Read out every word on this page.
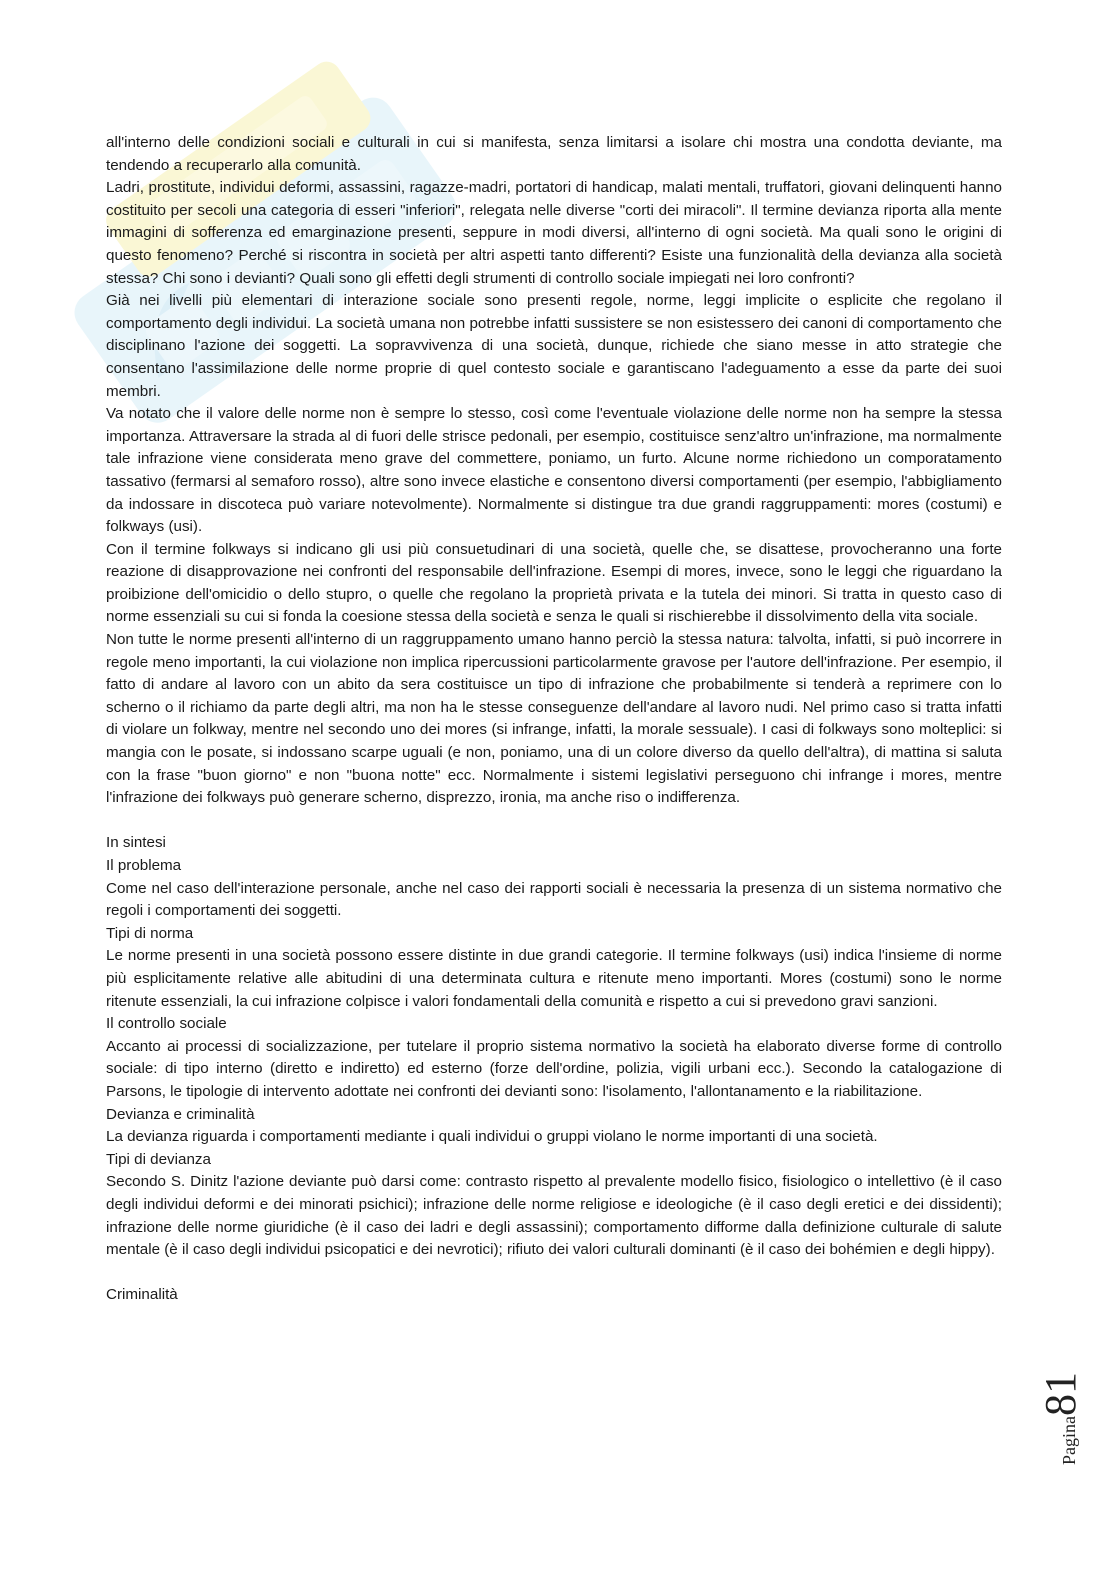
all'interno delle condizioni sociali e culturali in cui si manifesta, senza limitarsi a isolare chi mostra una condotta deviante, ma tendendo a recuperarlo alla comunità.

Ladri, prostitute, individui deformi, assassini, ragazze-madri, portatori di handicap, malati mentali, truffatori, giovani delinquenti hanno costituito per secoli una categoria di esseri "inferiori", relegata nelle diverse "corti dei miracoli". Il termine devianza riporta alla mente immagini di sofferenza ed emarginazione presenti, seppure in modi diversi, all'interno di ogni società. Ma quali sono le origini di questo fenomeno? Perché si riscontra in società per altri aspetti tanto differenti? Esiste una funzionalità della devianza alla società stessa? Chi sono i devianti? Quali sono gli effetti degli strumenti di controllo sociale impiegati nei loro confronti?

Già nei livelli più elementari di interazione sociale sono presenti regole, norme, leggi implicite o esplicite che regolano il comportamento degli individui. La società umana non potrebbe infatti sussistere se non esistessero dei canoni di comportamento che disciplinano l'azione dei soggetti. La sopravvivenza di una società, dunque, richiede che siano messe in atto strategie che consentano l'assimilazione delle norme proprie di quel contesto sociale e garantiscano l'adeguamento a esse da parte dei suoi membri.

Va notato che il valore delle norme non è sempre lo stesso, così come l'eventuale violazione delle norme non ha sempre la stessa importanza. Attraversare la strada al di fuori delle strisce pedonali, per esempio, costituisce senz'altro un'infrazione, ma normalmente tale infrazione viene considerata meno grave del commettere, poniamo, un furto. Alcune norme richiedono un comporatamento tassativo (fermarsi al semaforo rosso), altre sono invece elastiche e consentono diversi comportamenti (per esempio, l'abbigliamento da indossare in discoteca può variare notevolmente). Normalmente si distingue tra due grandi raggruppamenti: mores (costumi) e folkways (usi).

Con il termine folkways si indicano gli usi più consuetudinari di una società, quelle che, se disattese, provocheranno una forte reazione di disapprovazione nei confronti del responsabile dell'infrazione. Esempi di mores, invece, sono le leggi che riguardano la proibizione dell'omicidio o dello stupro, o quelle che regolano la proprietà privata e la tutela dei minori. Si tratta in questo caso di norme essenziali su cui si fonda la coesione stessa della società e senza le quali si rischierebbe il dissolvimento della vita sociale.

Non tutte le norme presenti all'interno di un raggruppamento umano hanno perciò la stessa natura: talvolta, infatti, si può incorrere in regole meno importanti, la cui violazione non implica ripercussioni particolarmente gravose per l'autore dell'infrazione. Per esempio, il fatto di andare al lavoro con un abito da sera costituisce un tipo di infrazione che probabilmente si tenderà a reprimere con lo scherno o il richiamo da parte degli altri, ma non ha le stesse conseguenze dell'andare al lavoro nudi. Nel primo caso si tratta infatti di violare un folkway, mentre nel secondo uno dei mores (si infrange, infatti, la morale sessuale). I casi di folkways sono molteplici: si mangia con le posate, si indossano scarpe uguali (e non, poniamo, una di un colore diverso da quello dell'altra), di mattina si saluta con la frase "buon giorno" e non "buona notte" ecc. Normalmente i sistemi legislativi perseguono chi infrange i mores, mentre l'infrazione dei folkways può generare scherno, disprezzo, ironia, ma anche riso o indifferenza.

In sintesi

Il problema

Come nel caso dell'interazione personale, anche nel caso dei rapporti sociali è necessaria la presenza di un sistema normativo che regoli i comportamenti dei soggetti.

Tipi di norma

Le norme presenti in una società possono essere distinte in due grandi categorie. Il termine folkways (usi) indica l'insieme di norme più esplicitamente relative alle abitudini di una determinata cultura e ritenute meno importanti. Mores (costumi) sono le norme ritenute essenziali, la cui infrazione colpisce i valori fondamentali della comunità e rispetto a cui si prevedono gravi sanzioni.

Il controllo sociale

Accanto ai processi di socializzazione, per tutelare il proprio sistema normativo la società ha elaborato diverse forme di controllo sociale: di tipo interno (diretto e indiretto) ed esterno (forze dell'ordine, polizia, vigili urbani ecc.). Secondo la catalogazione di Parsons, le tipologie di intervento adottate nei confronti dei devianti sono: l'isolamento, l'allontanamento e la riabilitazione.

Devianza e criminalità

La devianza riguarda i comportamenti mediante i quali individui o gruppi violano le norme importanti di una società.

Tipi di devianza

Secondo S. Dinitz l'azione deviante può darsi come: contrasto rispetto al prevalente modello fisico, fisiologico o intellettivo (è il caso degli individui deformi e dei minorati psichici); infrazione delle norme religiose e ideologiche (è il caso degli eretici e dei dissidenti); infrazione delle norme giuridiche (è il caso dei ladri e degli assassini); comportamento difforme dalla definizione culturale di salute mentale (è il caso degli individui psicopatici e dei nevrotici); rifiuto dei valori culturali dominanti (è il caso dei bohémien e degli hippy).

Criminalità

Pagina81
